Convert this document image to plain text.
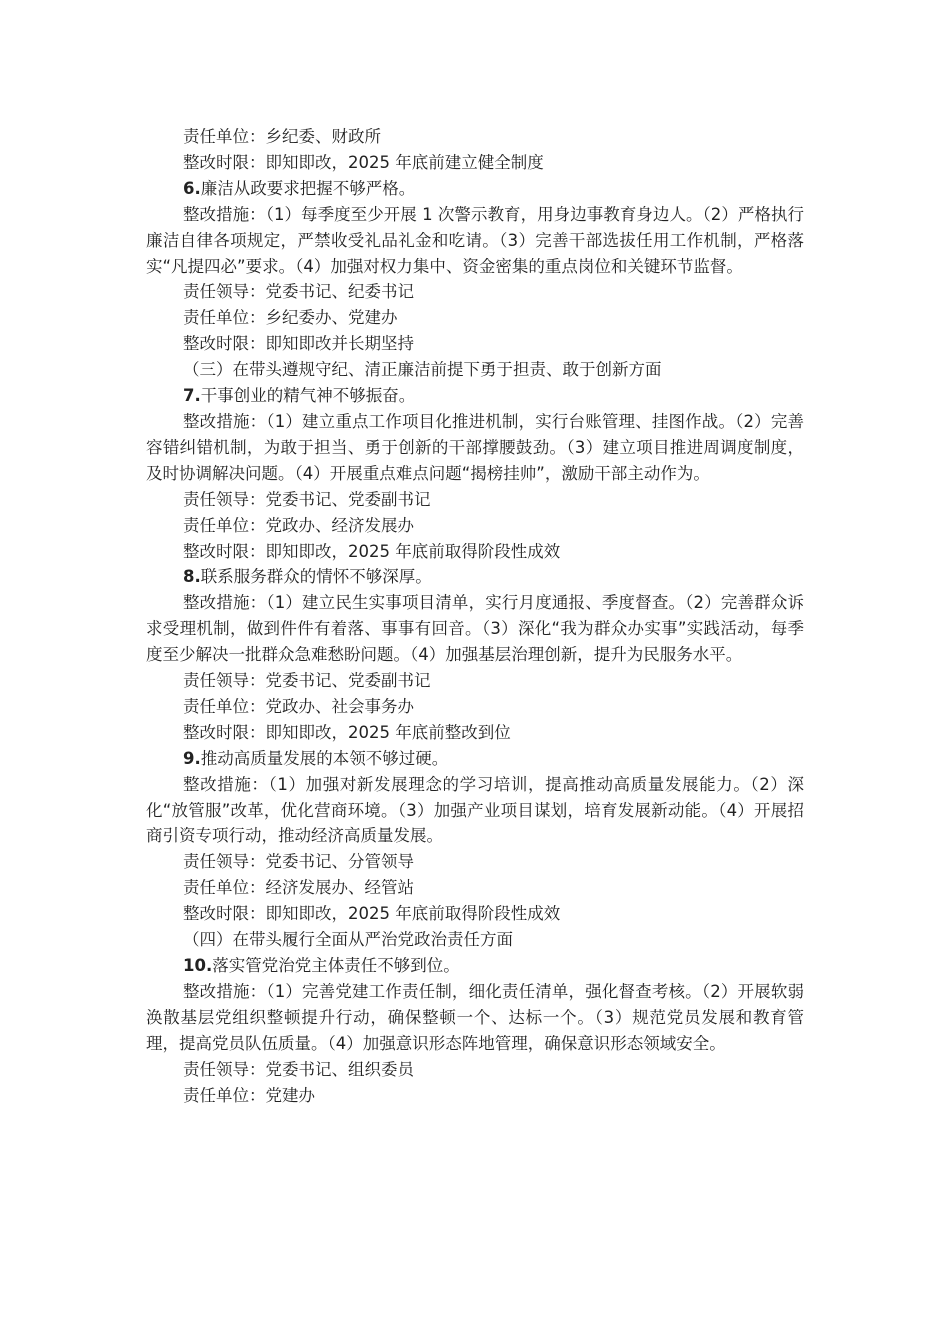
责任单位：乡纪委、财政所

整改时限：即知即改，2025 年底前建立健全制度

6.廉洁从政要求把握不够严格。

整改措施：（1）每季度至少开展 1 次警示教育，用身边事教育身边人。（2）严格执行廉洁自律各项规定，严禁收受礼品礼金和吃请。（3）完善干部选拔任用工作机制，严格落实“凡提四必”要求。（4）加强对权力集中、资金密集的重点岗位和关键环节监督。

责任领导：党委书记、纪委书记

责任单位：乡纪委办、党建办

整改时限：即知即改并长期坚持

（三）在带头遵规守纪、清正廉洁前提下勇于担责、敢于创新方面

7.干事创业的精气神不够振奋。

整改措施：（1）建立重点工作项目化推进机制，实行台账管理、挂图作战。（2）完善容错纠错机制，为敢于担当、勇于创新的干部撑腰鼓劲。（3）建立项目推进周调度制度，及时协调解决问题。（4）开展重点难点问题“揭榜挂帅”，激励干部主动作为。

责任领导：党委书记、党委副书记

责任单位：党政办、经济发展办

整改时限：即知即改，2025 年底前取得阶段性成效

8.联系服务群众的情怀不够深厚。

整改措施：（1）建立民生实事项目清单，实行月度通报、季度督查。（2）完善群众诉求受理机制，做到件件有着落、事事有回音。（3）深化“我为群众办实事”实践活动，每季度至少解决一批群众急难愁盼问题。（4）加强基层治理创新，提升为民服务水平。

责任领导：党委书记、党委副书记

责任单位：党政办、社会事务办

整改时限：即知即改，2025 年底前整改到位

9.推动高质量发展的本领不够过硬。

整改措施：（1）加强对新发展理念的学习培训，提高推动高质量发展能力。（2）深化“放管服”改革，优化营商环境。（3）加强产业项目谋划，培育发展新动能。（4）开展招商引资专项行动，推动经济高质量发展。

责任领导：党委书记、分管领导

责任单位：经济发展办、经管站

整改时限：即知即改，2025 年底前取得阶段性成效

（四）在带头履行全面从严治党政治责任方面

10.落实管党治党主体责任不够到位。

整改措施：（1）完善党建工作责任制，细化责任清单，强化督查考核。（2）开展软弱涣散基层党组织整顿提升行动，确保整顿一个、达标一个。（3）规范党员发展和教育管理，提高党员队伍质量。（4）加强意识形态阵地管理，确保意识形态领域安全。

责任领导：党委书记、组织委员

责任单位：党建办
